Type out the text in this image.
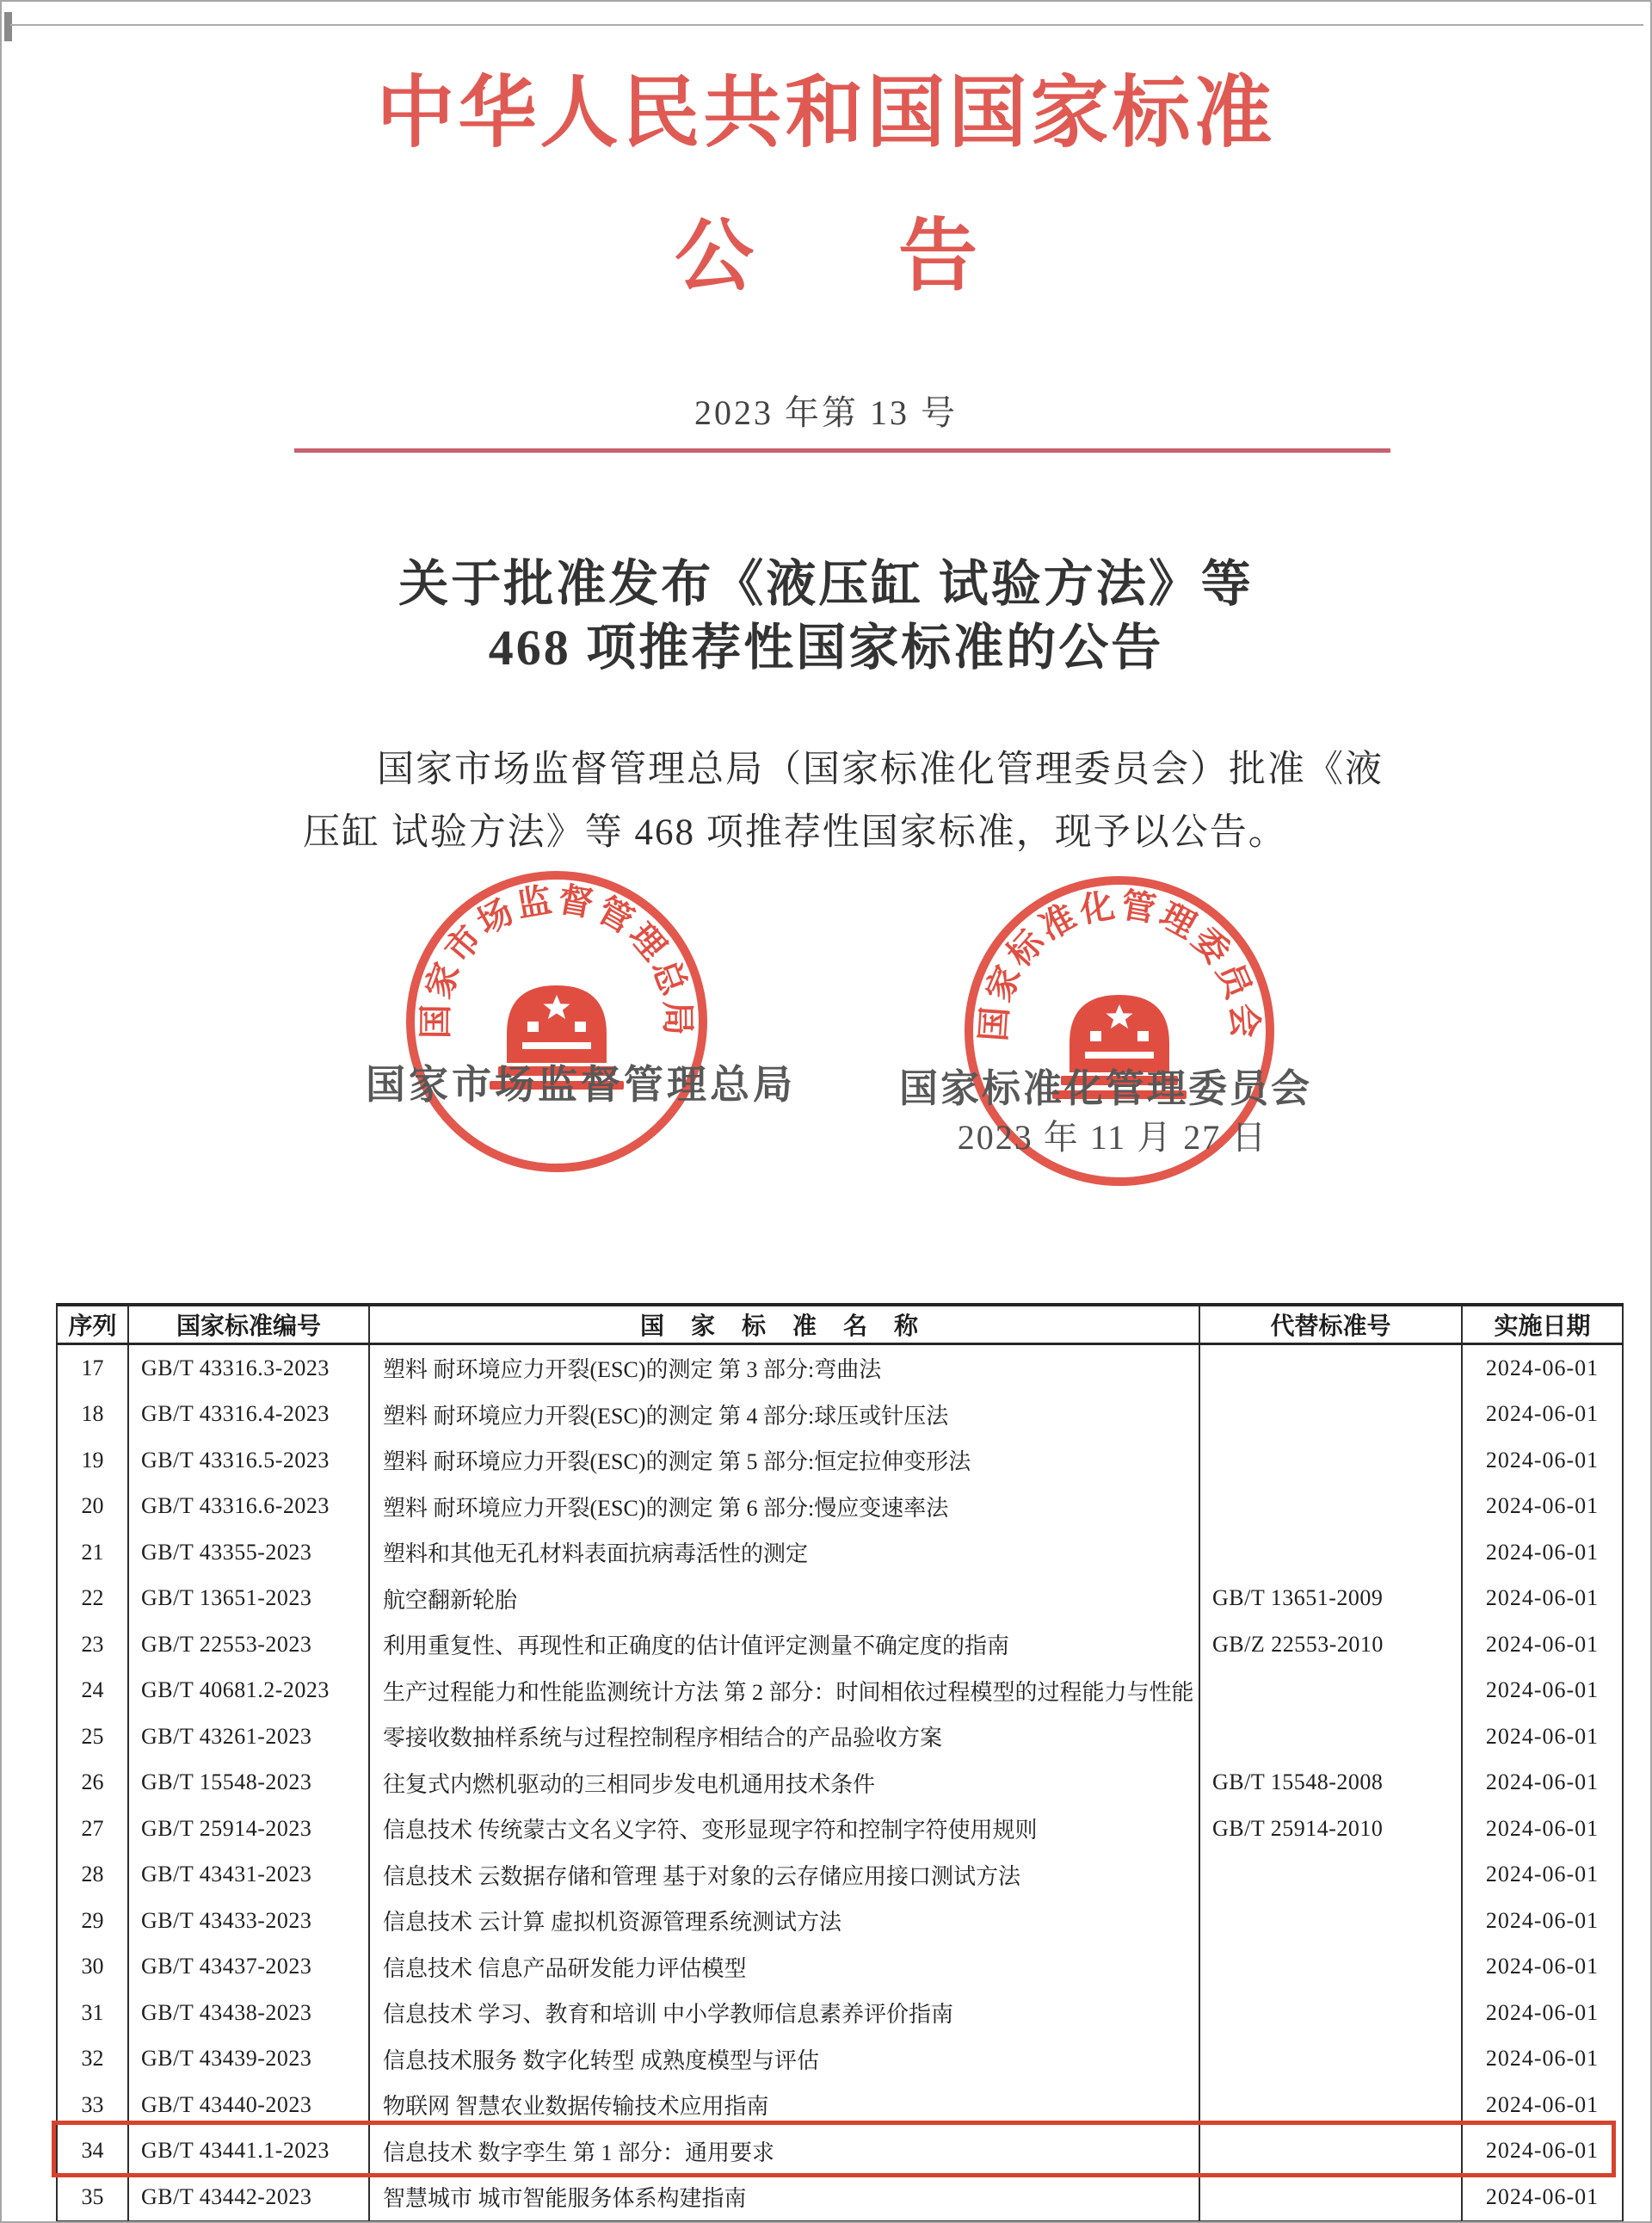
中华人民共和国国家标准
公 告
2023 年第 13 号
关于批准发布《液压缸 试验方法》等
468 项推荐性国家标准的公告
国家市场监督管理总局（国家标准化管理委员会）批准《液
压缸 试验方法》等 468 项推荐性国家标准，现予以公告。
国家市场监督管理总局	国家标准化管理委员会
国家市场监督管理总局	国家标准化管理委员会
2023 年 11 月 27 日
序列	国家标准编号	国 家 标 准 名 称	代替标准号	实施日期
17	GB/T 43316.3-2023	塑料 耐环境应力开裂(ESC)的测定 第 3 部分:弯曲法		2024-06-01
18	GB/T 43316.4-2023	塑料 耐环境应力开裂(ESC)的测定 第 4 部分:球压或针压法		2024-06-01
19	GB/T 43316.5-2023	塑料 耐环境应力开裂(ESC)的测定 第 5 部分:恒定拉伸变形法		2024-06-01
20	GB/T 43316.6-2023	塑料 耐环境应力开裂(ESC)的测定 第 6 部分:慢应变速率法		2024-06-01
21	GB/T 43355-2023	塑料和其他无孔材料表面抗病毒活性的测定		2024-06-01
22	GB/T 13651-2023	航空翻新轮胎	GB/T 13651-2009	2024-06-01
23	GB/T 22553-2023	利用重复性、再现性和正确度的估计值评定测量不确定度的指南	GB/Z 22553-2010	2024-06-01
24	GB/T 40681.2-2023	生产过程能力和性能监测统计方法 第 2 部分：时间相依过程模型的过程能力与性能		2024-06-01
25	GB/T 43261-2023	零接收数抽样系统与过程控制程序相结合的产品验收方案		2024-06-01
26	GB/T 15548-2023	往复式内燃机驱动的三相同步发电机通用技术条件	GB/T 15548-2008	2024-06-01
27	GB/T 25914-2023	信息技术 传统蒙古文名义字符、变形显现字符和控制字符使用规则	GB/T 25914-2010	2024-06-01
28	GB/T 43431-2023	信息技术 云数据存储和管理 基于对象的云存储应用接口测试方法		2024-06-01
29	GB/T 43433-2023	信息技术 云计算 虚拟机资源管理系统测试方法		2024-06-01
30	GB/T 43437-2023	信息技术 信息产品研发能力评估模型		2024-06-01
31	GB/T 43438-2023	信息技术 学习、教育和培训 中小学教师信息素养评价指南		2024-06-01
32	GB/T 43439-2023	信息技术服务 数字化转型 成熟度模型与评估		2024-06-01
33	GB/T 43440-2023	物联网 智慧农业数据传输技术应用指南		2024-06-01
34	GB/T 43441.1-2023	信息技术 数字孪生 第 1 部分：通用要求		2024-06-01
35	GB/T 43442-2023	智慧城市 城市智能服务体系构建指南		2024-06-01
